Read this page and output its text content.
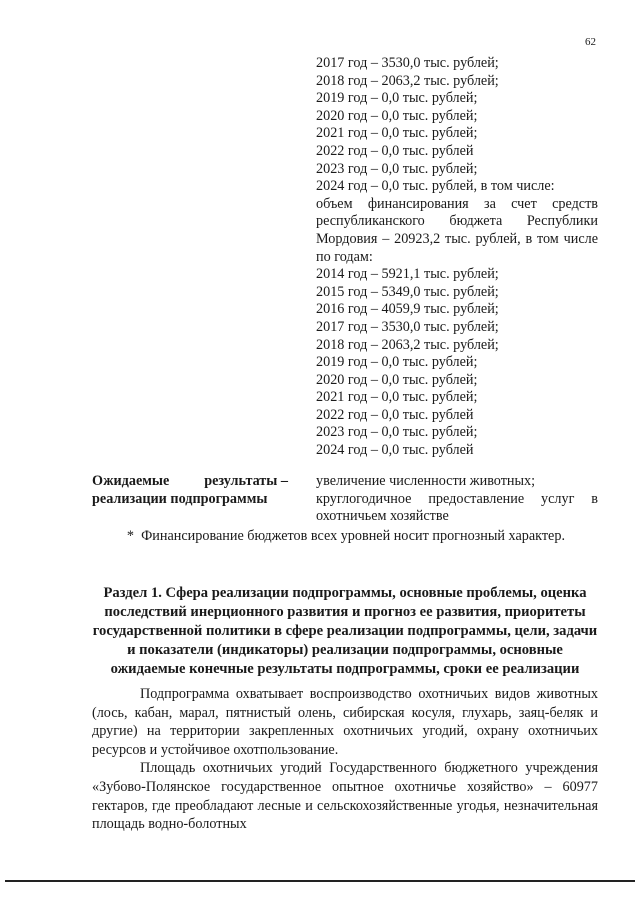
62
2017 год – 3530,0 тыс. рублей;
2018 год – 2063,2 тыс. рублей;
2019 год – 0,0 тыс. рублей;
2020 год – 0,0 тыс. рублей;
2021 год – 0,0 тыс. рублей;
2022 год – 0,0 тыс. рублей
2023 год – 0,0 тыс. рублей;
2024 год – 0,0 тыс. рублей, в том числе:
объем финансирования за счет средств республиканского бюджета Республики Мордовия – 20923,2 тыс. рублей, в том числе по годам:
2014 год – 5921,1 тыс. рублей;
2015 год – 5349,0 тыс. рублей;
2016 год – 4059,9 тыс. рублей;
2017 год – 3530,0 тыс. рублей;
2018 год – 2063,2 тыс. рублей;
2019 год – 0,0 тыс. рублей;
2020 год – 0,0 тыс. рублей;
2021 год – 0,0 тыс. рублей;
2022 год – 0,0 тыс. рублей
2023 год – 0,0 тыс. рублей;
2024 год – 0,0 тыс. рублей
Ожидаемые результаты –
реализации подпрограммы
увеличение численности животных;
круглогодичное предоставление услуг в охотничьем хозяйстве
* Финансирование бюджетов всех уровней носит прогнозный характер.
Раздел 1. Сфера реализации подпрограммы, основные проблемы, оценка последствий инерционного развития и прогноз ее развития, приоритеты государственной политики в сфере реализации подпрограммы, цели, задачи и показатели (индикаторы) реализации подпрограммы, основные ожидаемые конечные результаты подпрограммы, сроки ее реализации

Подпрограмма охватывает воспроизводство охотничьих видов животных (лось, кабан, марал, пятнистый олень, сибирская косуля, глухарь, заяц-беляк и другие) на территории закрепленных охотничьих угодий, охрану охотничьих ресурсов и устойчивое охотпользование.

Площадь охотничьих угодий Государственного бюджетного учреждения «Зубово-Полянское государственное опытное охотничье хозяйство» – 60977 гектаров, где преобладают лесные и сельскохозяйственные угодья, незначительная площадь водно-болотных
